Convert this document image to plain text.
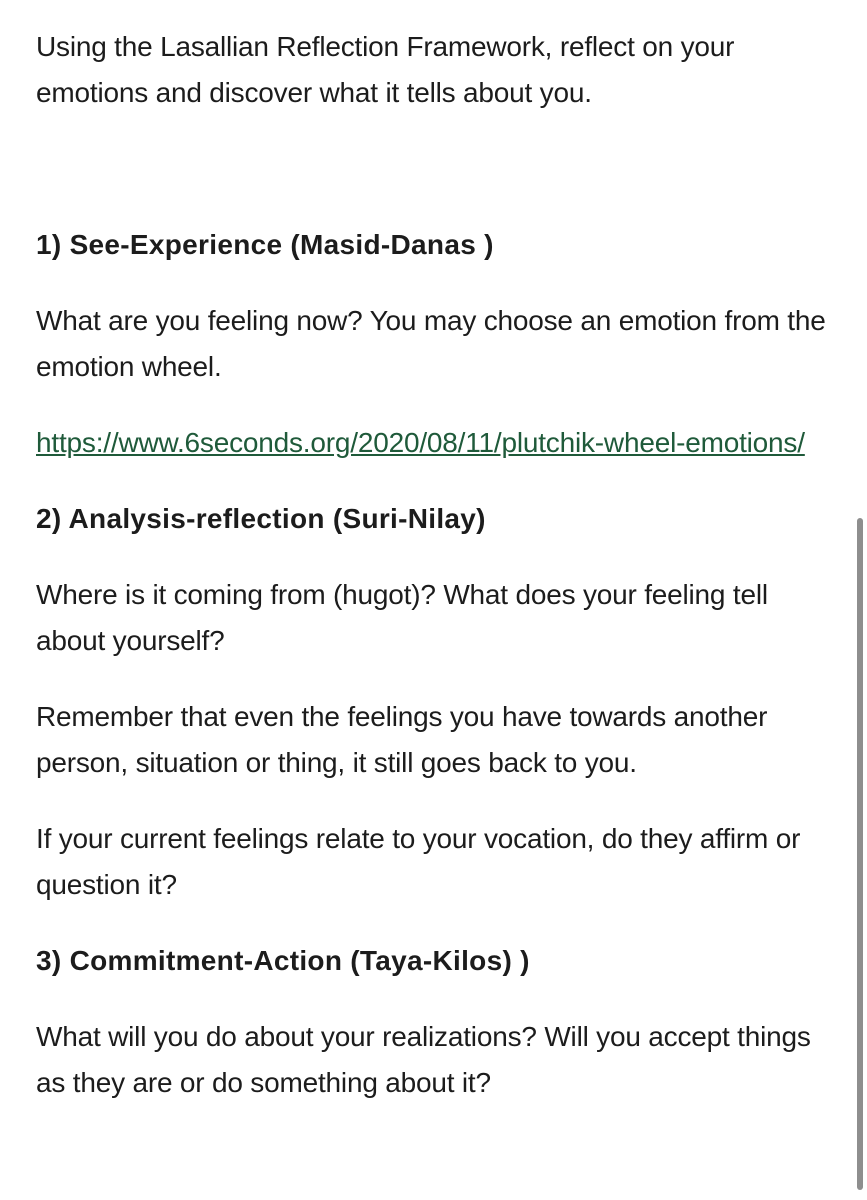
Using the Lasallian Reflection Framework, reflect on your emotions and discover what it tells about you.

1) See-Experience (Masid-Danas )

What are you feeling now? You may choose an emotion from the emotion wheel.

https://www.6seconds.org/2020/08/11/plutchik-wheel-emotions/

2) Analysis-reflection (Suri-Nilay)

Where is it coming from (hugot)? What does your feeling tell about yourself?

Remember that even the feelings you have towards another person, situation or thing, it still goes back to you.

If your current feelings relate to your vocation, do they affirm or question it?

3) Commitment-Action (Taya-Kilos) )

What will you do about your realizations? Will you accept things as they are or do something about it?
